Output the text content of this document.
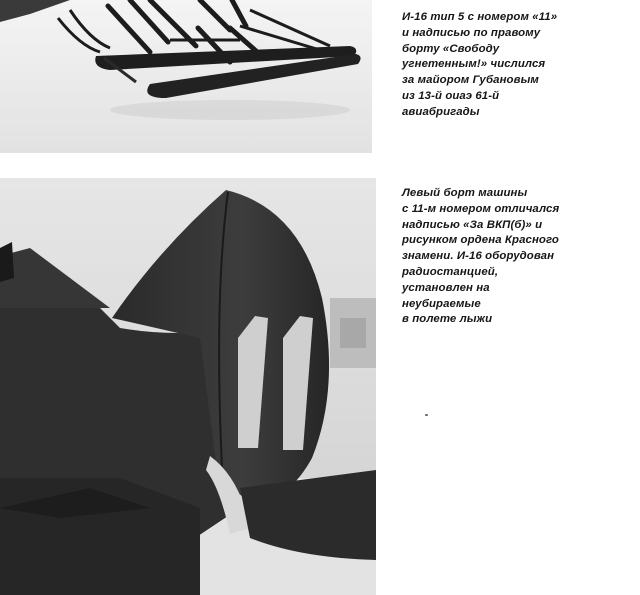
И-16 тип 5 с номером «11»
и надписью по правому
борту «Свободу
угнетенным!» числился
за майором Губановым
из 13-й оиаэ 61-й
авиабригады
Левый борт машины
с 11-м номером отличался
надписью «За ВКП(б)» и
рисунком ордена Красного
знамени. И-16 оборудован
радиостанцией,
установлен на
неубираемые
в полете лыжи
